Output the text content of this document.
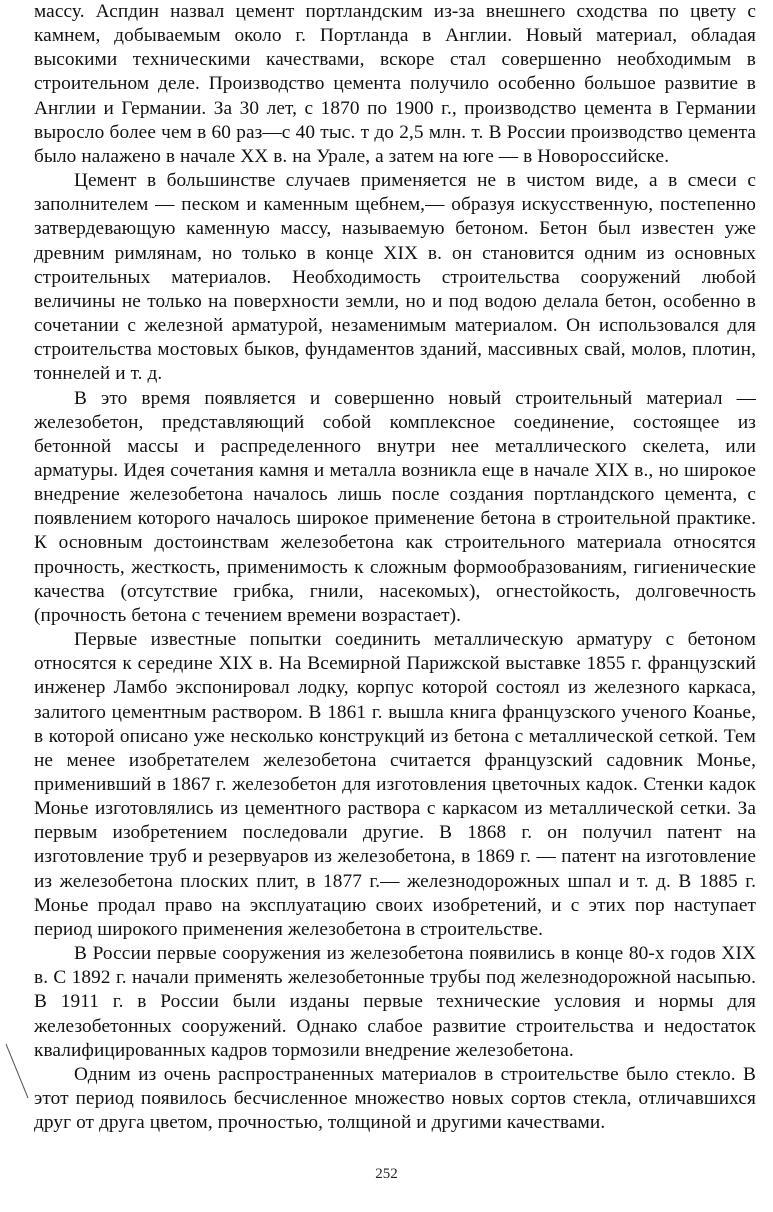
массу. Аспдин назвал цемент портландским из-за внешнего сходства по цвету с камнем, добываемым около г. Портланда в Англии. Новый материал, обладая высокими техническими качествами, вскоре стал совершенно необходимым в строительном деле. Производство цемента получило особенно большое развитие в Англии и Германии. За 30 лет, с 1870 по 1900 г., производство цемента в Германии выросло более чем в 60 раз—с 40 тыс. т до 2,5 млн. т. В России производство цемента было налажено в начале XX в. на Урале, а затем на юге — в Новороссийске.

Цемент в большинстве случаев применяется не в чистом виде, а в смеси с заполнителем — песком и каменным щебнем,— образуя искусственную, постепенно затвердевающую каменную массу, называемую бетоном. Бетон был известен уже древним римлянам, но только в конце XIX в. он становится одним из основных строительных материалов. Необходимость строительства сооружений любой величины не только на поверхности земли, но и под водою делала бетон, особенно в сочетании с железной арматурой, незаменимым материалом. Он использовался для строительства мостовых быков, фундаментов зданий, массивных свай, молов, плотин, тоннелей и т. д.

В это время появляется и совершенно новый строительный материал — железобетон, представляющий собой комплексное соединение, состоящее из бетонной массы и распределенного внутри нее металлического скелета, или арматуры. Идея сочетания камня и металла возникла еще в начале XIX в., но широкое внедрение железобетона началось лишь после создания портландского цемента, с появлением которого началось широкое применение бетона в строительной практике. К основным достоинствам железобетона как строительного материала относятся прочность, жесткость, применимость к сложным формообразованиям, гигиенические качества (отсутствие грибка, гнили, насекомых), огнестойкость, долговечность (прочность бетона с течением времени возрастает).

Первые известные попытки соединить металлическую арматуру с бетоном относятся к середине XIX в. На Всемирной Парижской выставке 1855 г. французский инженер Ламбо экспонировал лодку, корпус которой состоял из железного каркаса, залитого цементным раствором. В 1861 г. вышла книга французского ученого Коанье, в которой описано уже несколько конструкций из бетона с металлической сеткой. Тем не менее изобретателем железобетона считается французский садовник Монье, применивший в 1867 г. железобетон для изготовления цветочных кадок. Стенки кадок Монье изготовлялись из цементного раствора с каркасом из металлической сетки. За первым изобретением последовали другие. В 1868 г. он получил патент на изготовление труб и резервуаров из железобетона, в 1869 г. — патент на изготовление из железобетона плоских плит, в 1877 г.— железнодорожных шпал и т. д. В 1885 г. Монье продал право на эксплуатацию своих изобретений, и с этих пор наступает период широкого применения железобетона в строительстве.

В России первые сооружения из железобетона появились в конце 80-х годов XIX в. С 1892 г. начали применять железобетонные трубы под железнодорожной насыпью. В 1911 г. в России были изданы первые технические условия и нормы для железобетонных сооружений. Однако слабое развитие строительства и недостаток квалифицированных кадров тормозили внедрение железобетона.

Одним из очень распространенных материалов в строительстве было стекло. В этот период появилось бесчисленное множество новых сортов стекла, отличавшихся друг от друга цветом, прочностью, толщиной и другими качествами.

252
